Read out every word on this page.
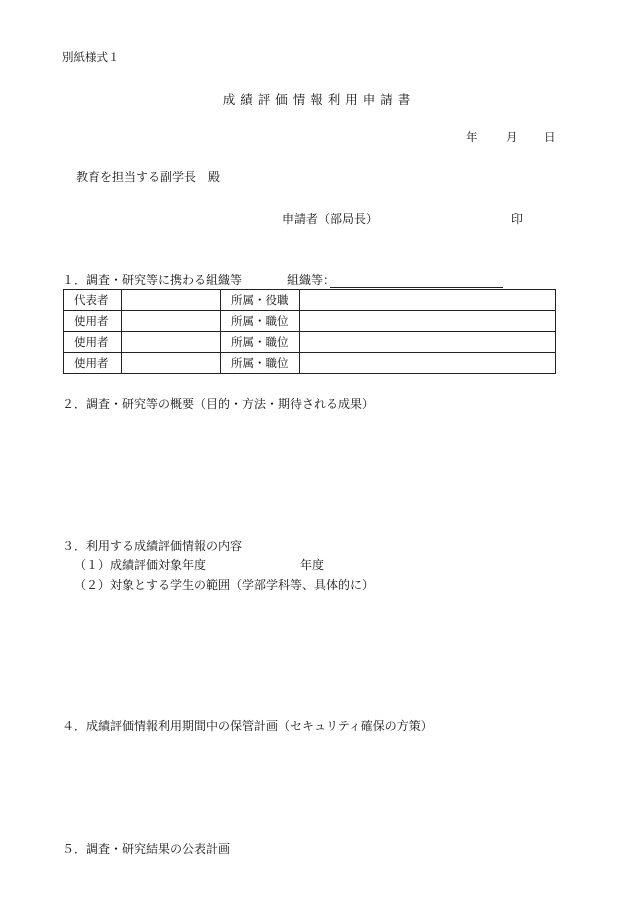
別紙様式１
成績評価情報利用申請書
年 月 日
教育を担当する副学長　殿
申請者（部局長）	印
１．調査・研究等に携わる組織等	組織等：
代表者		所属・役職	
使用者		所属・職位	
使用者		所属・職位	
使用者		所属・職位	
２．調査・研究等の概要（目的・方法・期待される成果）
３．利用する成績評価情報の内容
（１）成績評価対象年度	年度
（２）対象とする学生の範囲（学部学科等、具体的に）
４．成績評価情報利用期間中の保管計画（セキュリティ確保の方策）
５．調査・研究結果の公表計画
